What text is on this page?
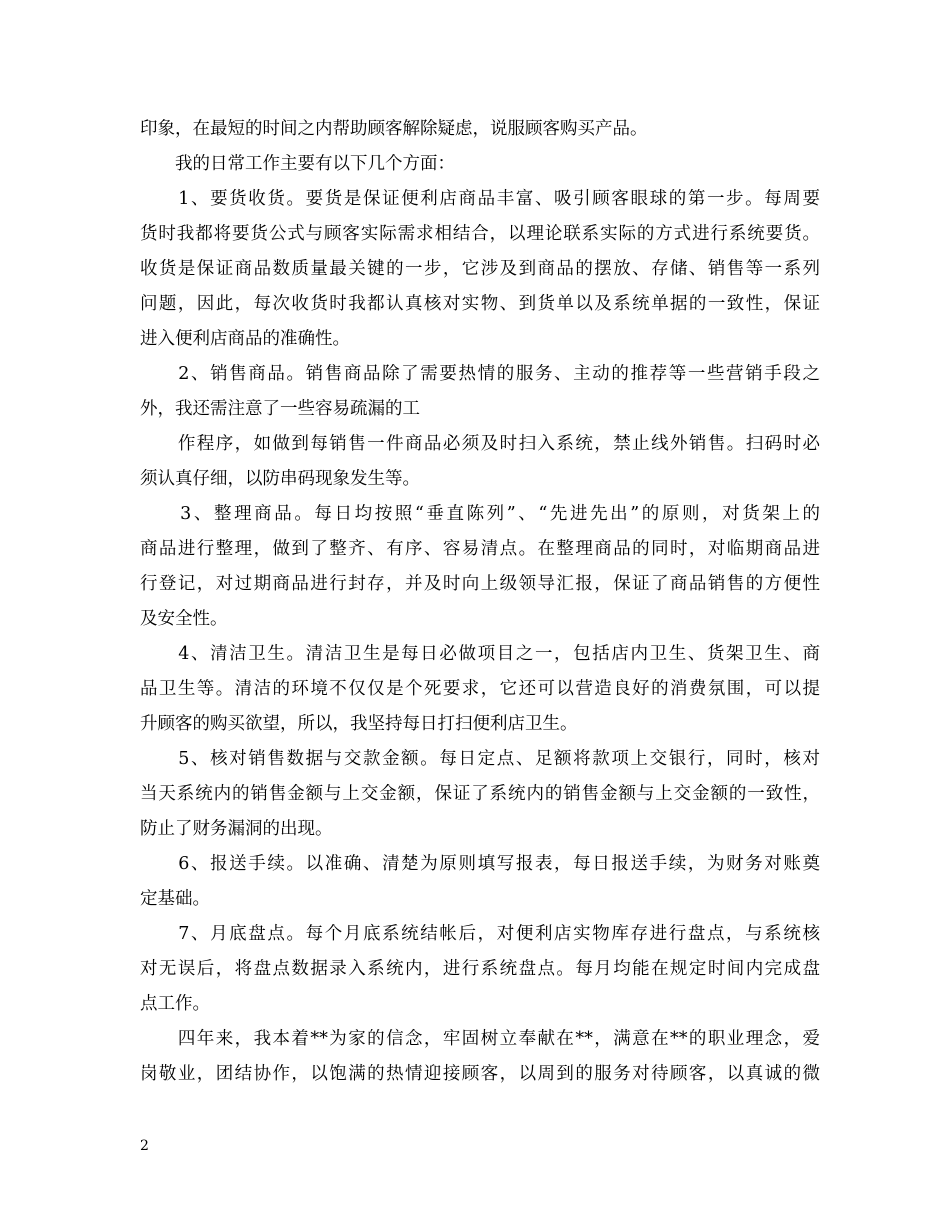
印象，在最短的时间之内帮助顾客解除疑虑，说服顾客购买产品。
　　我的日常工作主要有以下几个方面：
　　1、要货收货。要货是保证便利店商品丰富、吸引顾客眼球的第一步。每周要
货时我都将要货公式与顾客实际需求相结合，以理论联系实际的方式进行系统要货。
收货是保证商品数质量最关键的一步，它涉及到商品的摆放、存储、销售等一系列
问题，因此，每次收货时我都认真核对实物、到货单以及系统单据的一致性，保证
进入便利店商品的准确性。
　　2、销售商品。销售商品除了需要热情的服务、主动的推荐等一些营销手段之
外，我还需注意了一些容易疏漏的工
　　作程序，如做到每销售一件商品必须及时扫入系统，禁止线外销售。扫码时必
须认真仔细，以防串码现象发生等。
　　3、整理商品。每日均按照“垂直陈列”、“先进先出”的原则，对货架上的
商品进行整理，做到了整齐、有序、容易清点。在整理商品的同时，对临期商品进
行登记，对过期商品进行封存，并及时向上级领导汇报，保证了商品销售的方便性
及安全性。
　　4、清洁卫生。清洁卫生是每日必做项目之一，包括店内卫生、货架卫生、商
品卫生等。清洁的环境不仅仅是个死要求，它还可以营造良好的消费氛围，可以提
升顾客的购买欲望，所以，我坚持每日打扫便利店卫生。
　　5、核对销售数据与交款金额。每日定点、足额将款项上交银行，同时，核对
当天系统内的销售金额与上交金额，保证了系统内的销售金额与上交金额的一致性，
防止了财务漏洞的出现。
　　6、报送手续。以准确、清楚为原则填写报表，每日报送手续，为财务对账奠
定基础。
　　7、月底盘点。每个月底系统结帐后，对便利店实物库存进行盘点，与系统核
对无误后，将盘点数据录入系统内，进行系统盘点。每月均能在规定时间内完成盘
点工作。
　　四年来，我本着**为家的信念，牢固树立奉献在**，满意在**的职业理念，爱
岗敬业，团结协作，以饱满的热情迎接顾客，以周到的服务对待顾客，以真诚的微
2
